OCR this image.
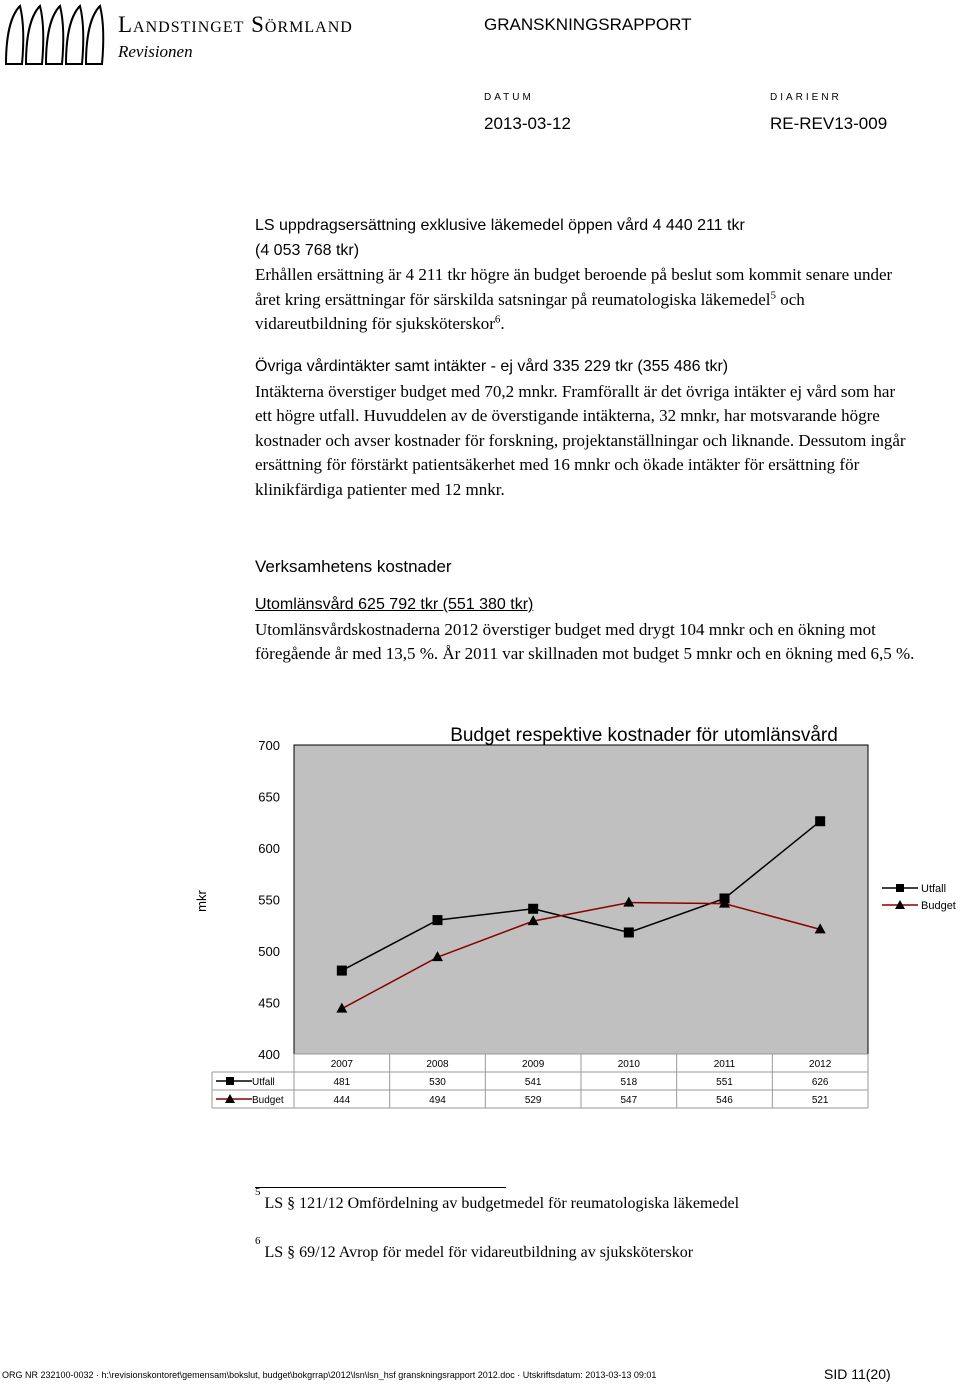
Landstinget Sörmland
Revisionen
GRANSKNINGSRAPPORT
DATUM	DIARIENR
2013-03-12	RE-REV13-009
LS uppdragsersättning exklusive läkemedel öppen vård 4 440 211 tkr
(4 053 768 tkr)
Erhållen ersättning är 4 211 tkr högre än budget beroende på beslut som kommit senare under året kring ersättningar för särskilda satsningar på reumatologiska läkemedel$^5$ och vidareutbildning för sjuksköterskor$^6$.
Övriga vårdintäkter samt intäkter - ej vård 335 229 tkr (355 486 tkr)
Intäkterna överstiger budget med 70,2 mnkr. Framförallt är det övriga intäkter ej vård som har ett högre utfall. Huvuddelen av de överstigande intäkterna, 32 mnkr, har motsvarande högre kostnader och avser kostnader för forskning, projektanställningar och liknande. Dessutom ingår ersättning för förstärkt patientsäkerhet med 16 mnkr och ökade intäkter för ersättning för klinikfärdiga patienter med 12 mnkr.
Verksamhetens kostnader
Utomlänsvård 625 792 tkr (551 380 tkr)
Utomlänsvårdskostnaderna 2012 överstiger budget med drygt 104 mnkr och en ökning mot föregående år med 13,5 %. År 2011 var skillnaden mot budget 5 mnkr och en ökning med 6,5 %.
Budget respektive kostnader för utomlänsvård
mkr
700
650
600
550
500
450
400
Utfall
Budget
2007	2008	2009	2010	2011	2012
Utfall	481	530	541	518	551	626
Budget	444	494	529	547	546	521
$^5$ LS § 121/12 Omfördelning av budgetmedel för reumatologiska läkemedel
$^6$ LS § 69/12 Avrop för medel för vidareutbildning av sjuksköterskor
ORG NR 232100-0032 · h:\revisionskontoret\gemensam\bokslut, budget\bokgrrap\2012\lsn\lsn_hsf granskningsrapport 2012.doc · Utskriftsdatum: 2013-03-13 09:01	SID 11(20)
